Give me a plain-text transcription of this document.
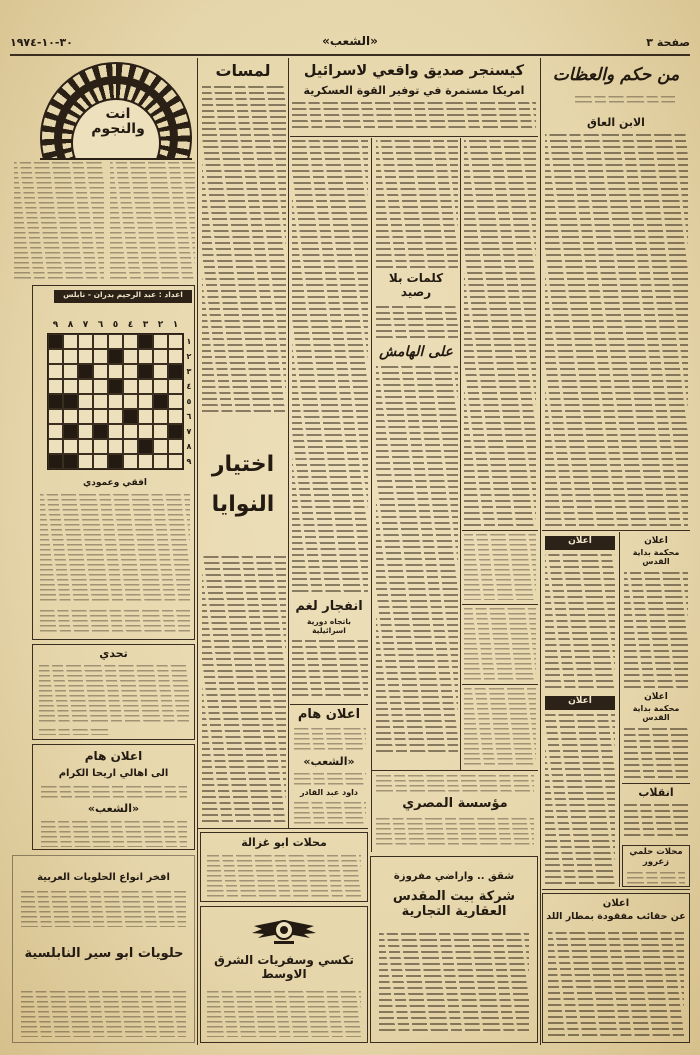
٣٠-١٠-١٩٧٤	«الشعب»	صفحة ٣
من حكم والعظات
الابن العاق
اعلان
اعلان
اعلان
محكمة بداية القدس
اعلان
محكمة بداية القدس
انقلاب
محلات حلمي زعرور
اعلان
عن حقائب مفقودة بمطار اللد
كيسنجر صديق واقعي لاسرائيل
امريكا مستمرة في توفير القوة العسكرية
كلمات بلا رصيد
على الهامش
مؤسسة المصري
شقق .. واراضي مفروزة
شركة بيت المقدس العقارية التجارية
انفجار لغم
باتجاه دورية اسرائيلية
اعلان هام
«الشعب»
داود عبد القادر
لمسات
اختيار
النوايا
محلات ابو غزالة
تكسي وسفريات الشرق الاوسط
انت والنجوم
اعداد : عبد الرحيم بدران - نابلس
١
٢
٣
٤
٥
٦
٧
٨
٩
١
٢
٣
٤
٥
٦
٧
٨
٩
افقي وعمودي
تحدي
اعلان هام
الى اهالي اريحا الكرام
«الشعب»
افخر انواع الحلويات العربية
حلويات ابو سير النابلسية
